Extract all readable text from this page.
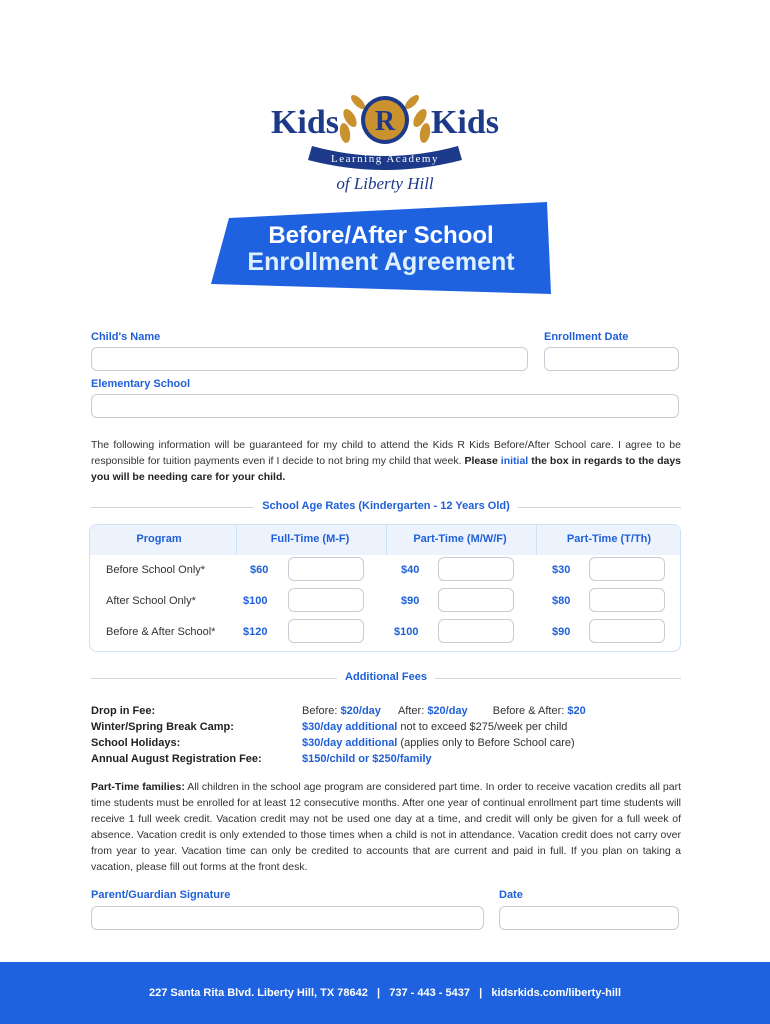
R
Kids	Kids
Learning Academy
of Liberty Hill
Before/After School
Enrollment Agreement
Child's Name	Enrollment Date
Elementary School
The following information will be guaranteed for my child to attend the Kids R Kids Before/After School care. I agree to be responsible for tuition payments even if I decide to not bring my child that week. Please initial the box in regards to the days you will be needing care for your child.
School Age Rates (Kindergarten - 12 Years Old)
Program	Full-Time (M-F)	Part-Time (M/W/F)	Part-Time (T/Th)
Before School Only*	$60	$40	$30
After School Only*	$100	$90	$80
Before & After School*	$120	$100	$90
Additional Fees
Drop in Fee:	Before: $20/day After: $20/day Before & After: $20
Winter/Spring Break Camp:	$30/day additional not to exceed $275/week per child
School Holidays:	$30/day additional (applies only to Before School care)
Annual August Registration Fee:	$150/child or $250/family
Part-Time families: All children in the school age program are considered part time. In order to receive vacation credits all part time students must be enrolled for at least 12 consecutive months. After one year of continual enrollment part time students will receive 1 full week credit. Vacation credit may not be used one day at a time, and credit will only be given for a full week of absence. Vacation credit is only extended to those times when a child is not in attendance. Vacation credit does not carry over from year to year. Vacation time can only be credited to accounts that are current and paid in full. If you plan on taking a vacation, please fill out forms at the front desk.
Parent/Guardian Signature	Date
227 Santa Rita Blvd. Liberty Hill, TX 78642   |   737 - 443 - 5437   |   kidsrkids.com/liberty-hill
